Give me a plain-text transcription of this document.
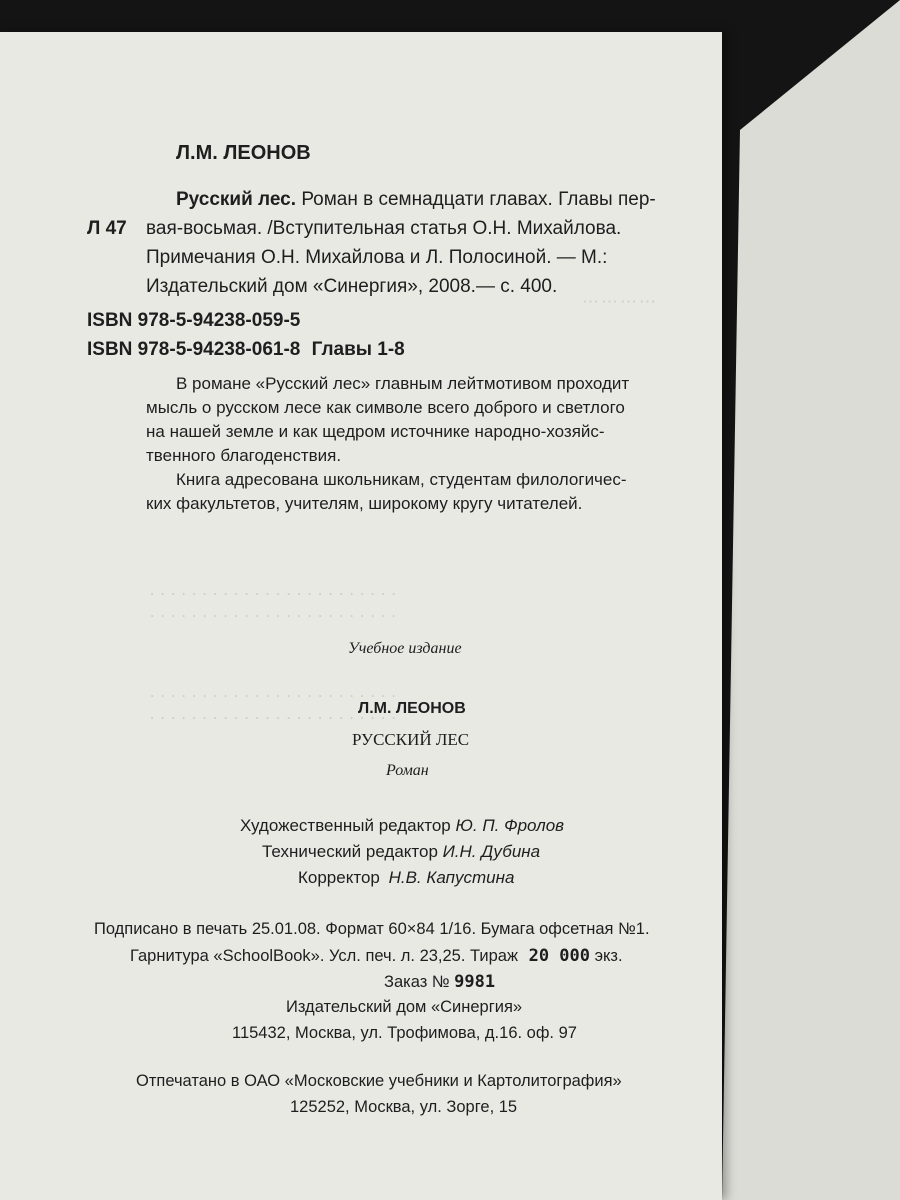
⋯⋯⋯⋯
. . . . . . . . . . . . . . . . . . . . . . . .
. . . . . . . . . . . . . . . . . . . . . . . .
. . . . . . . . . . . . . . . . . . . . . . . .
. . . . . . . . . . . . . . . . . . . . . . . .
Л.М. ЛЕОНОВ
Л 47
Русский лес. Роман в семнадцати главах. Главы пер-
вая-восьмая. /Вступительная статья О.Н. Михайлова.
Примечания О.Н. Михайлова и Л. Полосиной. — М.:
Издательский дом «Синергия», 2008.— с. 400.
ISBN 978-5-94238-059-5
ISBN 978-5-94238-061-8 Главы 1-8
В романе «Русский лес» главным лейтмотивом проходит
мысль о русском лесе как символе всего доброго и светлого
на нашей земле и как щедром источнике народно-хозяйс-
твенного благоденствия.
Книга адресована школьникам, студентам филологичес-
ких факультетов, учителям, широкому кругу читателей.
Учебное издание
Л.М. ЛЕОНОВ
РУССКИЙ ЛЕС
Роман
Художественный редактор Ю. П. Фролов
Технический редактор И.Н. Дубина
Корректор Н.В. Капустина
Подписано в печать 25.01.08. Формат 60×84 1/16. Бумага офсетная №1.
Гарнитура «SchoolBook». Усл. печ. л. 23,25. Тираж 20 000 экз.
Заказ № 9981
Издательский дом «Синергия»
115432, Москва, ул. Трофимова, д.16. оф. 97
Отпечатано в ОАО «Московские учебники и Картолитография»
125252, Москва, ул. Зорге, 15
